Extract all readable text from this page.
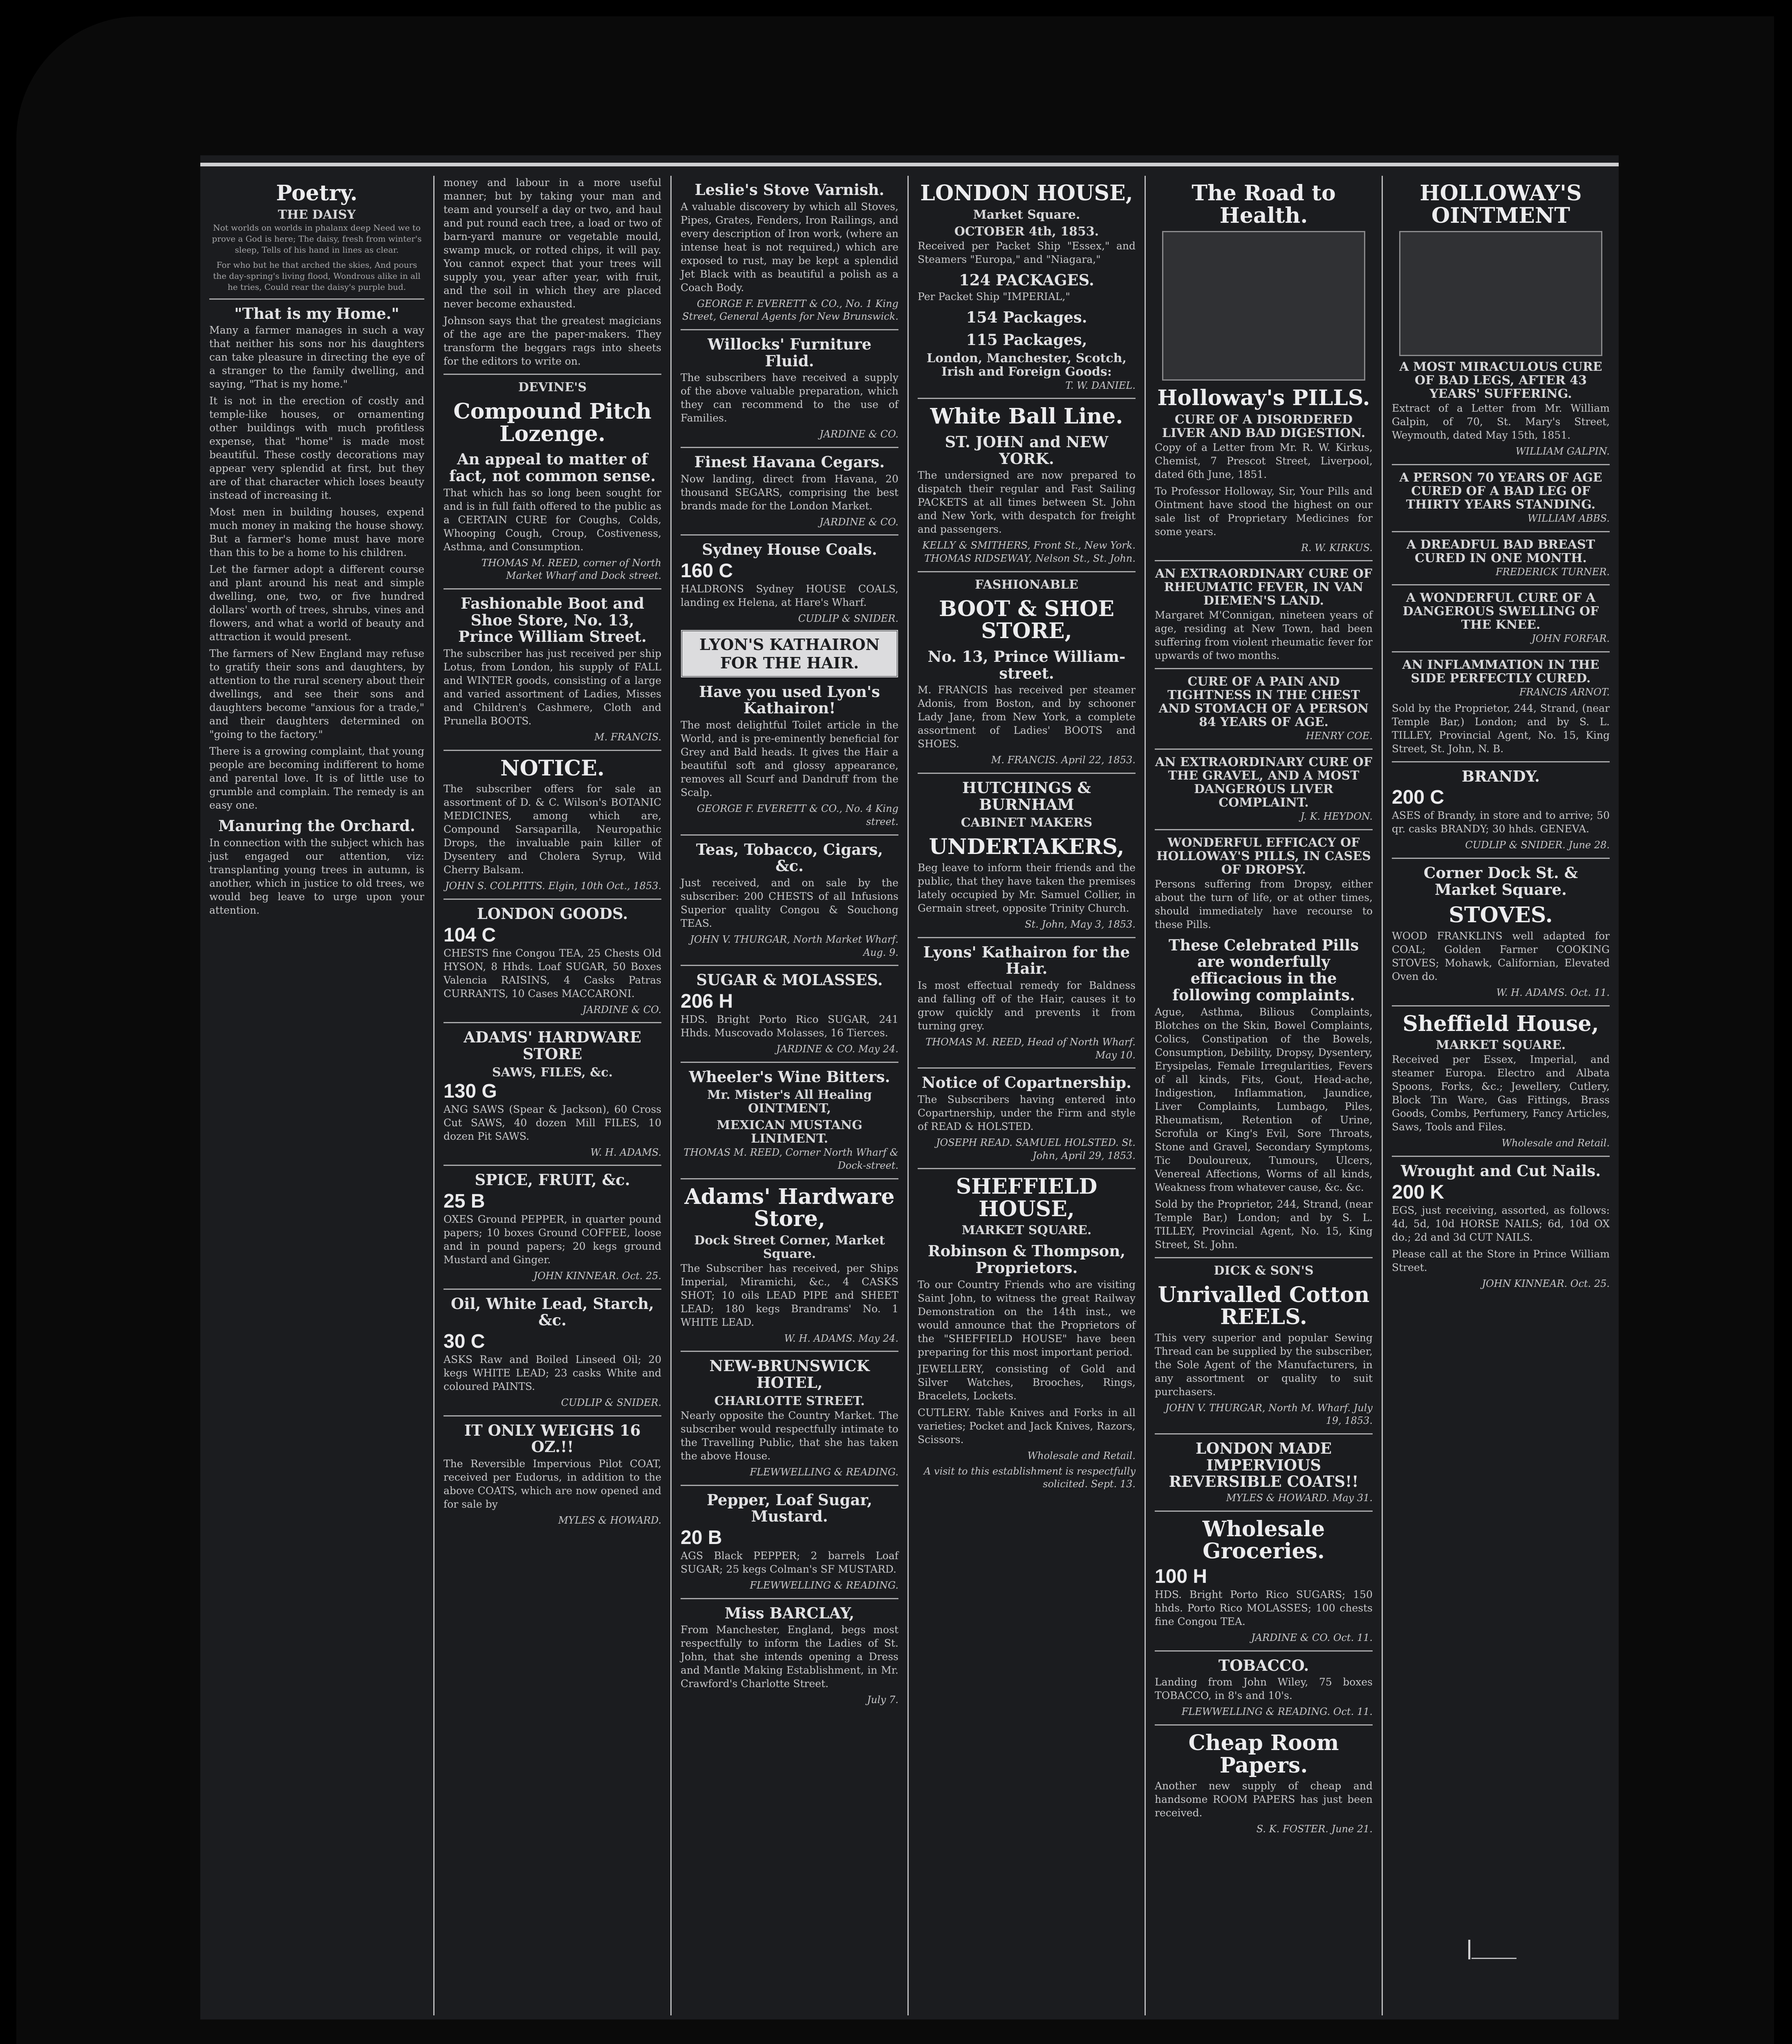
Poetry.
THE DAISY

Not worlds on worlds in phalanx deep Need we to prove a God is here; The daisy, fresh from winter's sleep, Tells of his hand in lines as clear.

For who but he that arched the skies, And pours the day-spring's living flood, Wondrous alike in all he tries, Could rear the daisy's purple bud.

"That is my Home."

Many a farmer manages in such a way that neither his sons nor his daughters can take pleasure in directing the eye of a stranger to the family dwelling, and saying, "That is my home."

It is not in the erection of costly and temple-like houses, or ornamenting other buildings with much profitless expense, that "home" is made most beautiful. These costly decorations may appear very splendid at first, but they are of that character which loses beauty instead of increasing it.

Most men in building houses, expend much money in making the house showy. But a farmer's home must have more than this to be a home to his children.

Let the farmer adopt a different course and plant around his neat and simple dwelling, one, two, or five hundred dollars' worth of trees, shrubs, vines and flowers, and what a world of beauty and attraction it would present.

The farmers of New England may refuse to gratify their sons and daughters, by attention to the rural scenery about their dwellings, and see their sons and daughters become "anxious for a trade," and their daughters determined on "going to the factory."

There is a growing complaint, that young people are becoming indifferent to home and parental love. It is of little use to grumble and complain. The remedy is an easy one.

Manuring the Orchard.

In connection with the subject which has just engaged our attention, viz: transplanting young trees in autumn, is another, which in justice to old trees, we would beg leave to urge upon your attention.

money and labour in a more useful manner; but by taking your man and team and yourself a day or two, and haul and put round each tree, a load or two of barn-yard manure or vegetable mould, swamp muck, or rotted chips, it will pay. You cannot expect that your trees will supply you, year after year, with fruit, and the soil in which they are placed never become exhausted.

Johnson says that the greatest magicians of the age are the paper-makers. They transform the beggars rags into sheets for the editors to write on.

DEVINE'S
Compound Pitch Lozenge.
An appeal to matter of fact, not common sense.

That which has so long been sought for and is in full faith offered to the public as a CERTAIN CURE for Coughs, Colds, Whooping Cough, Croup, Costiveness, Asthma, and Consumption.

THOMAS M. REED, corner of North Market Wharf and Dock street.

Fashionable Boot and Shoe Store, No. 13, Prince William Street.

The subscriber has just received per ship Lotus, from London, his supply of FALL and WINTER goods, consisting of a large and varied assortment of Ladies, Misses and Children's Cashmere, Cloth and Prunella BOOTS.

M. FRANCIS.

NOTICE.

The subscriber offers for sale an assortment of D. & C. Wilson's BOTANIC MEDICINES, among which are, Compound Sarsaparilla, Neuropathic Drops, the invaluable pain killer of Dysentery and Cholera Syrup, Wild Cherry Balsam.

JOHN S. COLPITTS. Elgin, 10th Oct., 1853.

LONDON GOODS.
104 C

CHESTS fine Congou TEA, 25 Chests Old HYSON, 8 Hhds. Loaf SUGAR, 50 Boxes Valencia RAISINS, 4 Casks Patras CURRANTS, 10 Cases MACCARONI.

JARDINE & CO.

ADAMS' HARDWARE STORE
SAWS, FILES, &c.
130 G

ANG SAWS (Spear & Jackson), 60 Cross Cut SAWS, 40 dozen Mill FILES, 10 dozen Pit SAWS.

W. H. ADAMS.

SPICE, FRUIT, &c.
25 B

OXES Ground PEPPER, in quarter pound papers; 10 boxes Ground COFFEE, loose and in pound papers; 20 kegs ground Mustard and Ginger.

JOHN KINNEAR. Oct. 25.

Oil, White Lead, Starch, &c.
30 C

ASKS Raw and Boiled Linseed Oil; 20 kegs WHITE LEAD; 23 casks White and coloured PAINTS.

CUDLIP & SNIDER.

IT ONLY WEIGHS 16 OZ.!!

The Reversible Impervious Pilot COAT, received per Eudorus, in addition to the above COATS, which are now opened and for sale by

MYLES & HOWARD.

Leslie's Stove Varnish.

A valuable discovery by which all Stoves, Pipes, Grates, Fenders, Iron Railings, and every description of Iron work, (where an intense heat is not required,) which are exposed to rust, may be kept a splendid Jet Black with as beautiful a polish as a Coach Body.

GEORGE F. EVERETT & CO., No. 1 King Street, General Agents for New Brunswick.

Willocks' Furniture Fluid.

The subscribers have received a supply of the above valuable preparation, which they can recommend to the use of Families.

JARDINE & CO.

Finest Havana Cegars.

Now landing, direct from Havana, 20 thousand SEGARS, comprising the best brands made for the London Market.

JARDINE & CO.

Sydney House Coals.
160 C

HALDRONS Sydney HOUSE COALS, landing ex Helena, at Hare's Wharf.

CUDLIP & SNIDER.

LYON'S KATHAIRON FOR THE HAIR.
Have you used Lyon's Kathairon!

The most delightful Toilet article in the World, and is pre-eminently beneficial for Grey and Bald heads. It gives the Hair a beautiful soft and glossy appearance, removes all Scurf and Dandruff from the Scalp.

GEORGE F. EVERETT & CO., No. 4 King street.

Teas, Tobacco, Cigars, &c.

Just received, and on sale by the subscriber: 200 CHESTS of all Infusions Superior quality Congou & Souchong TEAS.

JOHN V. THURGAR, North Market Wharf. Aug. 9.

SUGAR & MOLASSES.
206 H

HDS. Bright Porto Rico SUGAR, 241 Hhds. Muscovado Molasses, 16 Tierces.

JARDINE & CO. May 24.

Wheeler's Wine Bitters.
Mr. Mister's All Healing OINTMENT,
MEXICAN MUSTANG LINIMENT.

THOMAS M. REED, Corner North Wharf & Dock-street.

Adams' Hardware Store,
Dock Street Corner, Market Square.

The Subscriber has received, per Ships Imperial, Miramichi, &c., 4 CASKS SHOT; 10 oils LEAD PIPE and SHEET LEAD; 180 kegs Brandrams' No. 1 WHITE LEAD.

W. H. ADAMS. May 24.

NEW-BRUNSWICK HOTEL,
CHARLOTTE STREET.

Nearly opposite the Country Market. The subscriber would respectfully intimate to the Travelling Public, that she has taken the above House.

FLEWWELLING & READING.

Pepper, Loaf Sugar, Mustard.
20 B

AGS Black PEPPER; 2 barrels Loaf SUGAR; 25 kegs Colman's SF MUSTARD.

FLEWWELLING & READING.

Miss BARCLAY,

From Manchester, England, begs most respectfully to inform the Ladies of St. John, that she intends opening a Dress and Mantle Making Establishment, in Mr. Crawford's Charlotte Street.

July 7.

LONDON HOUSE,
Market Square.
OCTOBER 4th, 1853.

Received per Packet Ship "Essex," and Steamers "Europa," and "Niagara,"

124 PACKAGES.

Per Packet Ship "IMPERIAL,"

154 Packages.
115 Packages,
London, Manchester, Scotch, Irish and Foreign Goods:

T. W. DANIEL.

White Ball Line.
ST. JOHN and NEW YORK.

The undersigned are now prepared to dispatch their regular and Fast Sailing PACKETS at all times between St. John and New York, with despatch for freight and passengers.

KELLY & SMITHERS, Front St., New York. THOMAS RIDSEWAY, Nelson St., St. John.

FASHIONABLE
BOOT & SHOE STORE,
No. 13, Prince William-street.

M. FRANCIS has received per steamer Adonis, from Boston, and by schooner Lady Jane, from New York, a complete assortment of Ladies' BOOTS and SHOES.

M. FRANCIS. April 22, 1853.

HUTCHINGS & BURNHAM
CABINET MAKERS
UNDERTAKERS,

Beg leave to inform their friends and the public, that they have taken the premises lately occupied by Mr. Samuel Collier, in Germain street, opposite Trinity Church.

St. John, May 3, 1853.

Lyons' Kathairon for the Hair.

Is most effectual remedy for Baldness and falling off of the Hair, causes it to grow quickly and prevents it from turning grey.

THOMAS M. REED, Head of North Wharf. May 10.

Notice of Copartnership.

The Subscribers having entered into Copartnership, under the Firm and style of READ & HOLSTED.

JOSEPH READ. SAMUEL HOLSTED. St. John, April 29, 1853.

SHEFFIELD HOUSE,
MARKET SQUARE.
Robinson & Thompson, Proprietors.

To our Country Friends who are visiting Saint John, to witness the great Railway Demonstration on the 14th inst., we would announce that the Proprietors of the "SHEFFIELD HOUSE" have been preparing for this most important period.

JEWELLERY, consisting of Gold and Silver Watches, Brooches, Rings, Bracelets, Lockets.

CUTLERY. Table Knives and Forks in all varieties; Pocket and Jack Knives, Razors, Scissors.

Wholesale and Retail.

A visit to this establishment is respectfully solicited. Sept. 13.

The Road to Health.
Holloway's PILLS.
CURE OF A DISORDERED LIVER AND BAD DIGESTION.

Copy of a Letter from Mr. R. W. Kirkus, Chemist, 7 Prescot Street, Liverpool, dated 6th June, 1851.

To Professor Holloway, Sir, Your Pills and Ointment have stood the highest on our sale list of Proprietary Medicines for some years.

R. W. KIRKUS.

AN EXTRAORDINARY CURE OF RHEUMATIC FEVER, IN VAN DIEMEN'S LAND.

Margaret M'Connigan, nineteen years of age, residing at New Town, had been suffering from violent rheumatic fever for upwards of two months.

CURE OF A PAIN AND TIGHTNESS IN THE CHEST AND STOMACH OF A PERSON 84 YEARS OF AGE.

HENRY COE.

AN EXTRAORDINARY CURE OF THE GRAVEL, AND A MOST DANGEROUS LIVER COMPLAINT.

J. K. HEYDON.

WONDERFUL EFFICACY OF HOLLOWAY'S PILLS, IN CASES OF DROPSY.

Persons suffering from Dropsy, either about the turn of life, or at other times, should immediately have recourse to these Pills.

These Celebrated Pills are wonderfully efficacious in the following complaints.

Ague, Asthma, Bilious Complaints, Blotches on the Skin, Bowel Complaints, Colics, Constipation of the Bowels, Consumption, Debility, Dropsy, Dysentery, Erysipelas, Female Irregularities, Fevers of all kinds, Fits, Gout, Head-ache, Indigestion, Inflammation, Jaundice, Liver Complaints, Lumbago, Piles, Rheumatism, Retention of Urine, Scrofula or King's Evil, Sore Throats, Stone and Gravel, Secondary Symptoms, Tic Douloureux, Tumours, Ulcers, Venereal Affections, Worms of all kinds, Weakness from whatever cause, &c. &c.

Sold by the Proprietor, 244, Strand, (near Temple Bar,) London; and by S. L. TILLEY, Provincial Agent, No. 15, King Street, St. John.

DICK & SON'S
Unrivalled Cotton REELS.

This very superior and popular Sewing Thread can be supplied by the subscriber, the Sole Agent of the Manufacturers, in any assortment or quality to suit purchasers.

JOHN V. THURGAR, North M. Wharf. July 19, 1853.

LONDON MADE IMPERVIOUS REVERSIBLE COATS!!

MYLES & HOWARD. May 31.

Wholesale Groceries.
100 H

HDS. Bright Porto Rico SUGARS; 150 hhds. Porto Rico MOLASSES; 100 chests fine Congou TEA.

JARDINE & CO. Oct. 11.

TOBACCO.

Landing from John Wiley, 75 boxes TOBACCO, in 8's and 10's.

FLEWWELLING & READING. Oct. 11.

Cheap Room Papers.

Another new supply of cheap and handsome ROOM PAPERS has just been received.

S. K. FOSTER. June 21.

HOLLOWAY'S OINTMENT
A MOST MIRACULOUS CURE OF BAD LEGS, AFTER 43 YEARS' SUFFERING.

Extract of a Letter from Mr. William Galpin, of 70, St. Mary's Street, Weymouth, dated May 15th, 1851.

WILLIAM GALPIN.

A PERSON 70 YEARS OF AGE CURED OF A BAD LEG OF THIRTY YEARS STANDING.

WILLIAM ABBS.

A DREADFUL BAD BREAST CURED IN ONE MONTH.

FREDERICK TURNER.

A WONDERFUL CURE OF A DANGEROUS SWELLING OF THE KNEE.

JOHN FORFAR.

AN INFLAMMATION IN THE SIDE PERFECTLY CURED.

FRANCIS ARNOT.

Sold by the Proprietor, 244, Strand, (near Temple Bar,) London; and by S. L. TILLEY, Provincial Agent, No. 15, King Street, St. John, N. B.

BRANDY.
200 C

ASES of Brandy, in store and to arrive; 50 qr. casks BRANDY; 30 hhds. GENEVA.

CUDLIP & SNIDER. June 28.

Corner Dock St. & Market Square.
STOVES.

WOOD FRANKLINS well adapted for COAL; Golden Farmer COOKING STOVES; Mohawk, Californian, Elevated Oven do.

W. H. ADAMS. Oct. 11.

Sheffield House,
MARKET SQUARE.

Received per Essex, Imperial, and steamer Europa. Electro and Albata Spoons, Forks, &c.; Jewellery, Cutlery, Block Tin Ware, Gas Fittings, Brass Goods, Combs, Perfumery, Fancy Articles, Saws, Tools and Files.

Wholesale and Retail.

Wrought and Cut Nails.
200 K

EGS, just receiving, assorted, as follows: 4d, 5d, 10d HORSE NAILS; 6d, 10d OX do.; 2d and 3d CUT NAILS.

Please call at the Store in Prince William Street.

JOHN KINNEAR. Oct. 25.
